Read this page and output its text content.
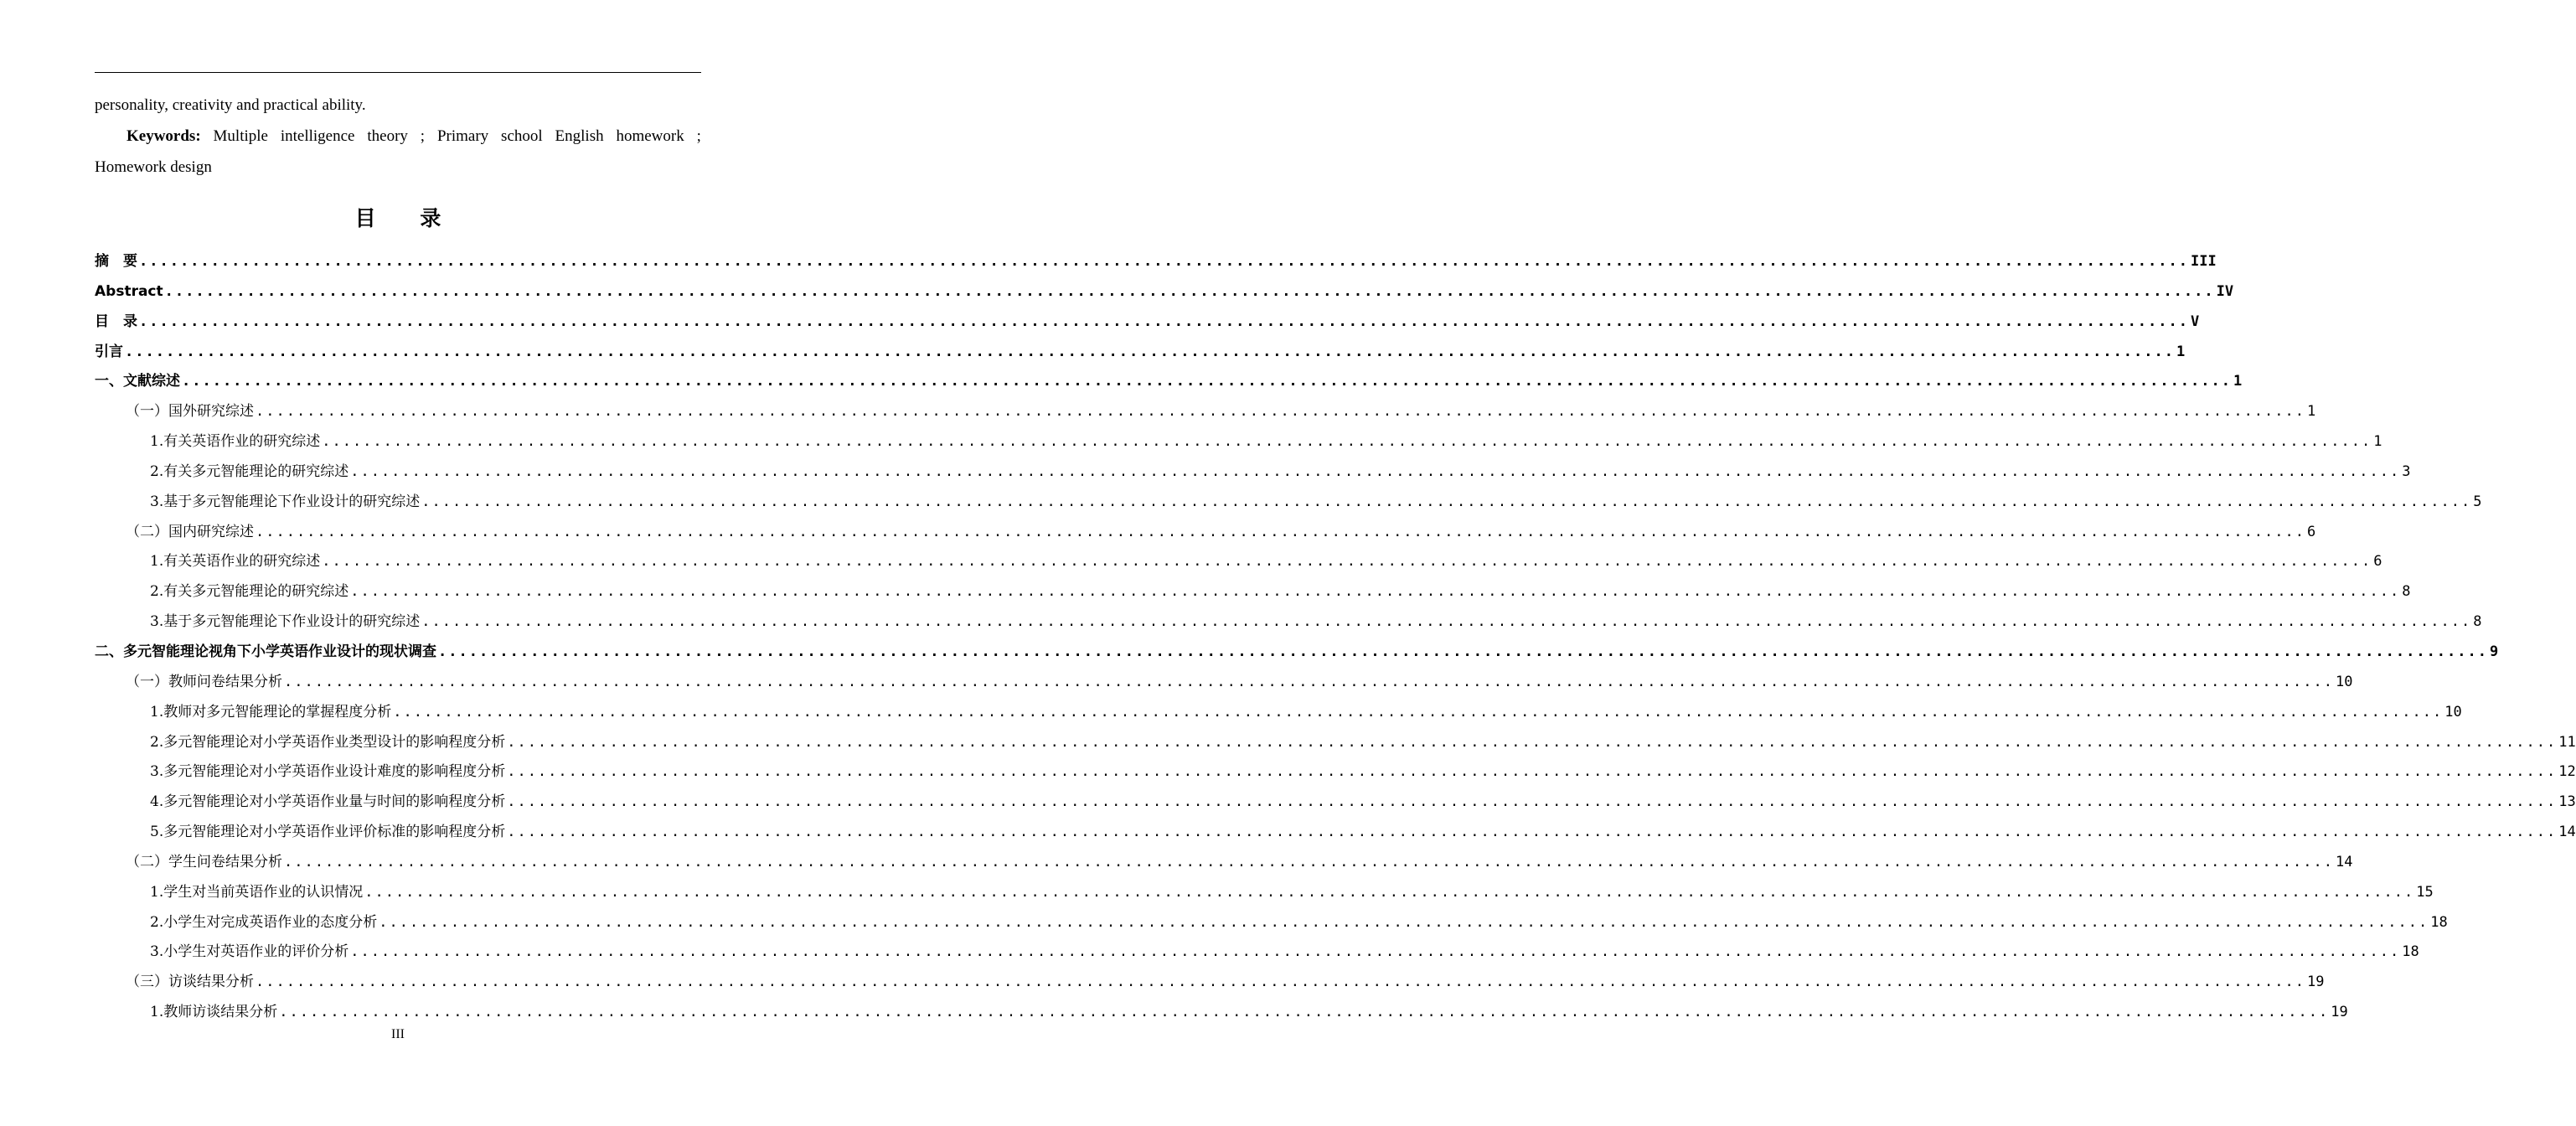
personality, creativity and practical ability.
Keywords: Multiple intelligence theory ; Primary school English homework ;
Homework design
目 录
摘　要 ........................................................................................................................................................................................................ III
Abstract ........................................................................................................................................................................................................ IV
目　录 ........................................................................................................................................................................................................ V
引言 ........................................................................................................................................................................................................ 1
一、文献综述 ........................................................................................................................................................................................................ 1
（一）国外研究综述 ........................................................................................................................................................................................................ 1
1.有关英语作业的研究综述 ........................................................................................................................................................................................................ 1
2.有关多元智能理论的研究综述 ........................................................................................................................................................................................................ 3
3.基于多元智能理论下作业设计的研究综述 ........................................................................................................................................................................................................ 5
（二）国内研究综述 ........................................................................................................................................................................................................ 6
1.有关英语作业的研究综述 ........................................................................................................................................................................................................ 6
2.有关多元智能理论的研究综述 ........................................................................................................................................................................................................ 8
3.基于多元智能理论下作业设计的研究综述 ........................................................................................................................................................................................................ 8
二、多元智能理论视角下小学英语作业设计的现状调查 ........................................................................................................................................................................................................ 9
（一）教师问卷结果分析 ........................................................................................................................................................................................................ 10
1.教师对多元智能理论的掌握程度分析 ........................................................................................................................................................................................................ 10
2.多元智能理论对小学英语作业类型设计的影响程度分析 ........................................................................................................................................................................................................ 11
3.多元智能理论对小学英语作业设计难度的影响程度分析 ........................................................................................................................................................................................................ 12
4.多元智能理论对小学英语作业量与时间的影响程度分析 ........................................................................................................................................................................................................ 13
5.多元智能理论对小学英语作业评价标准的影响程度分析 ........................................................................................................................................................................................................ 14
（二）学生问卷结果分析 ........................................................................................................................................................................................................ 14
1.学生对当前英语作业的认识情况 ........................................................................................................................................................................................................ 15
2.小学生对完成英语作业的态度分析 ........................................................................................................................................................................................................ 18
3.小学生对英语作业的评价分析 ........................................................................................................................................................................................................ 18
（三）访谈结果分析 ........................................................................................................................................................................................................ 19
1.教师访谈结果分析 ........................................................................................................................................................................................................ 19
III
